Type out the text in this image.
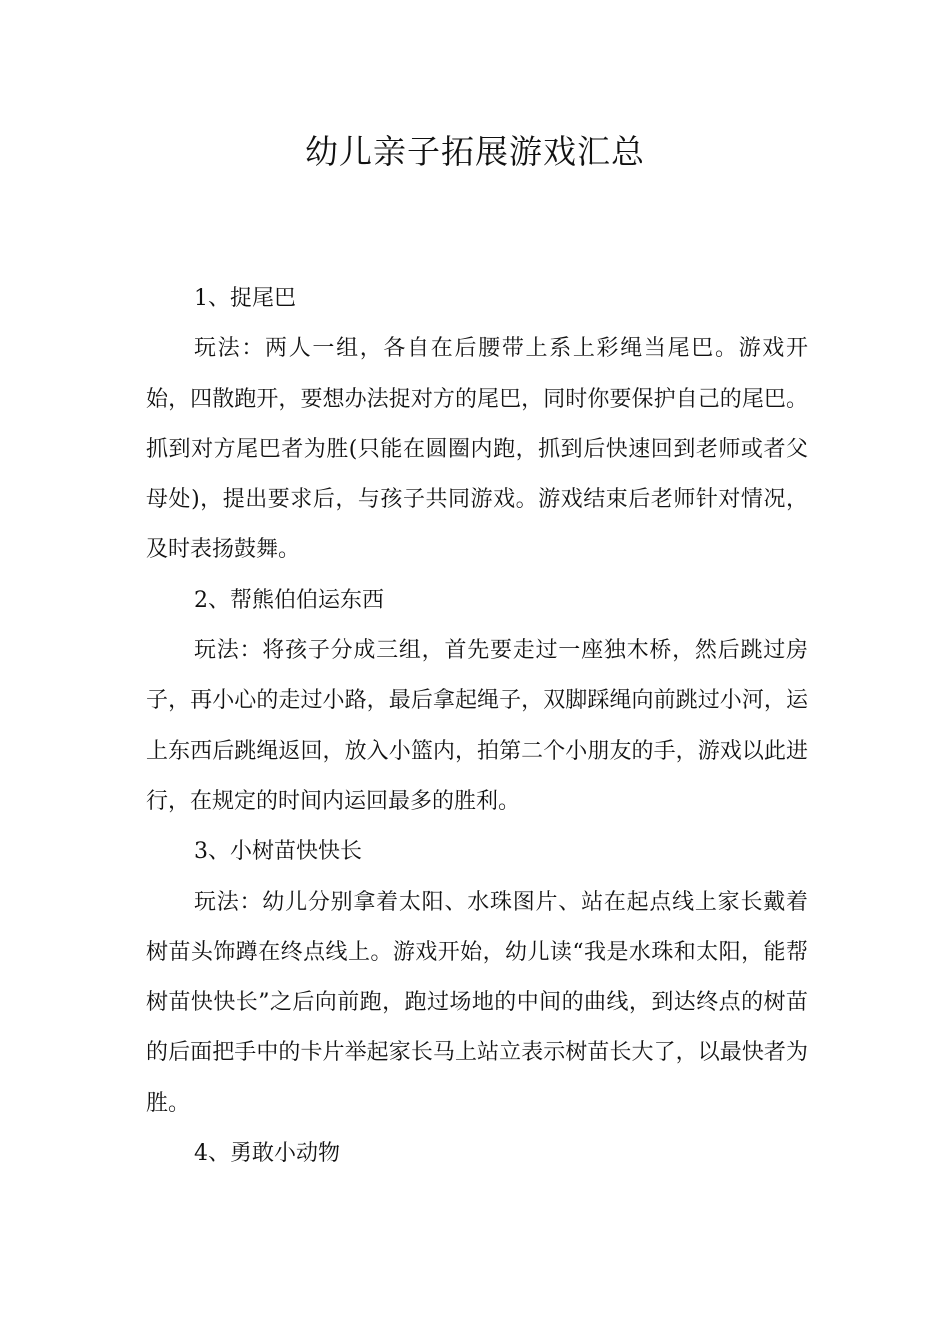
幼儿亲子拓展游戏汇总

1、捉尾巴

玩法：两人一组，各自在后腰带上系上彩绳当尾巴。游戏开始，四散跑开，要想办法捉对方的尾巴，同时你要保护自己的尾巴。抓到对方尾巴者为胜(只能在圆圈内跑，抓到后快速回到老师或者父母处)，提出要求后，与孩子共同游戏。游戏结束后老师针对情况，及时表扬鼓舞。

2、帮熊伯伯运东西

玩法：将孩子分成三组，首先要走过一座独木桥，然后跳过房子，再小心的走过小路，最后拿起绳子，双脚踩绳向前跳过小河，运上东西后跳绳返回，放入小篮内，拍第二个小朋友的手，游戏以此进行，在规定的时间内运回最多的胜利。

3、小树苗快快长

玩法：幼儿分别拿着太阳、水珠图片、站在起点线上家长戴着树苗头饰蹲在终点线上。游戏开始，幼儿读“我是水珠和太阳，能帮树苗快快长”之后向前跑，跑过场地的中间的曲线，到达终点的树苗的后面把手中的卡片举起家长马上站立表示树苗长大了，以最快者为胜。

4、勇敢小动物
